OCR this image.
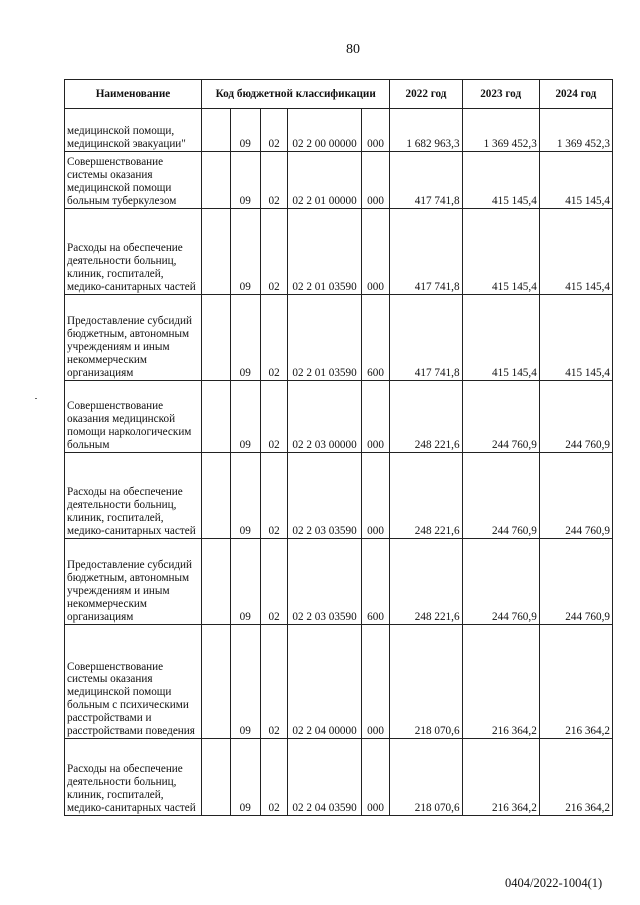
80
Наименование	Код бюджетной классификации					2022 год	2023 год	2024 год
медицинской помощи, медицинской эвакуации"		09	02	02 2 00 00000	000	1 682 963,3	1 369 452,3	1 369 452,3
Совершенствование системы оказания медицинской помощи больным туберкулезом		09	02	02 2 01 00000	000	417 741,8	415 145,4	415 145,4
Расходы на обеспечение деятельности больниц, клиник, госпиталей, медико-санитарных частей		09	02	02 2 01 03590	000	417 741,8	415 145,4	415 145,4
Предоставление субсидий бюджетным, автономным учреждениям и иным некоммерческим организациям		09	02	02 2 01 03590	600	417 741,8	415 145,4	415 145,4
Совершенствование оказания медицинской помощи наркологическим больным		09	02	02 2 03 00000	000	248 221,6	244 760,9	244 760,9
Расходы на обеспечение деятельности больниц, клиник, госпиталей, медико-санитарных частей		09	02	02 2 03 03590	000	248 221,6	244 760,9	244 760,9
Предоставление субсидий бюджетным, автономным учреждениям и иным некоммерческим организациям		09	02	02 2 03 03590	600	248 221,6	244 760,9	244 760,9
Совершенствование системы оказания медицинской помощи больным с психическими расстройствами и расстройствами поведения		09	02	02 2 04 00000	000	218 070,6	216 364,2	216 364,2
Расходы на обеспечение деятельности больниц, клиник, госпиталей, медико-санитарных частей		09	02	02 2 04 03590	000	218 070,6	216 364,2	216 364,2
0404/2022-1004(1)
